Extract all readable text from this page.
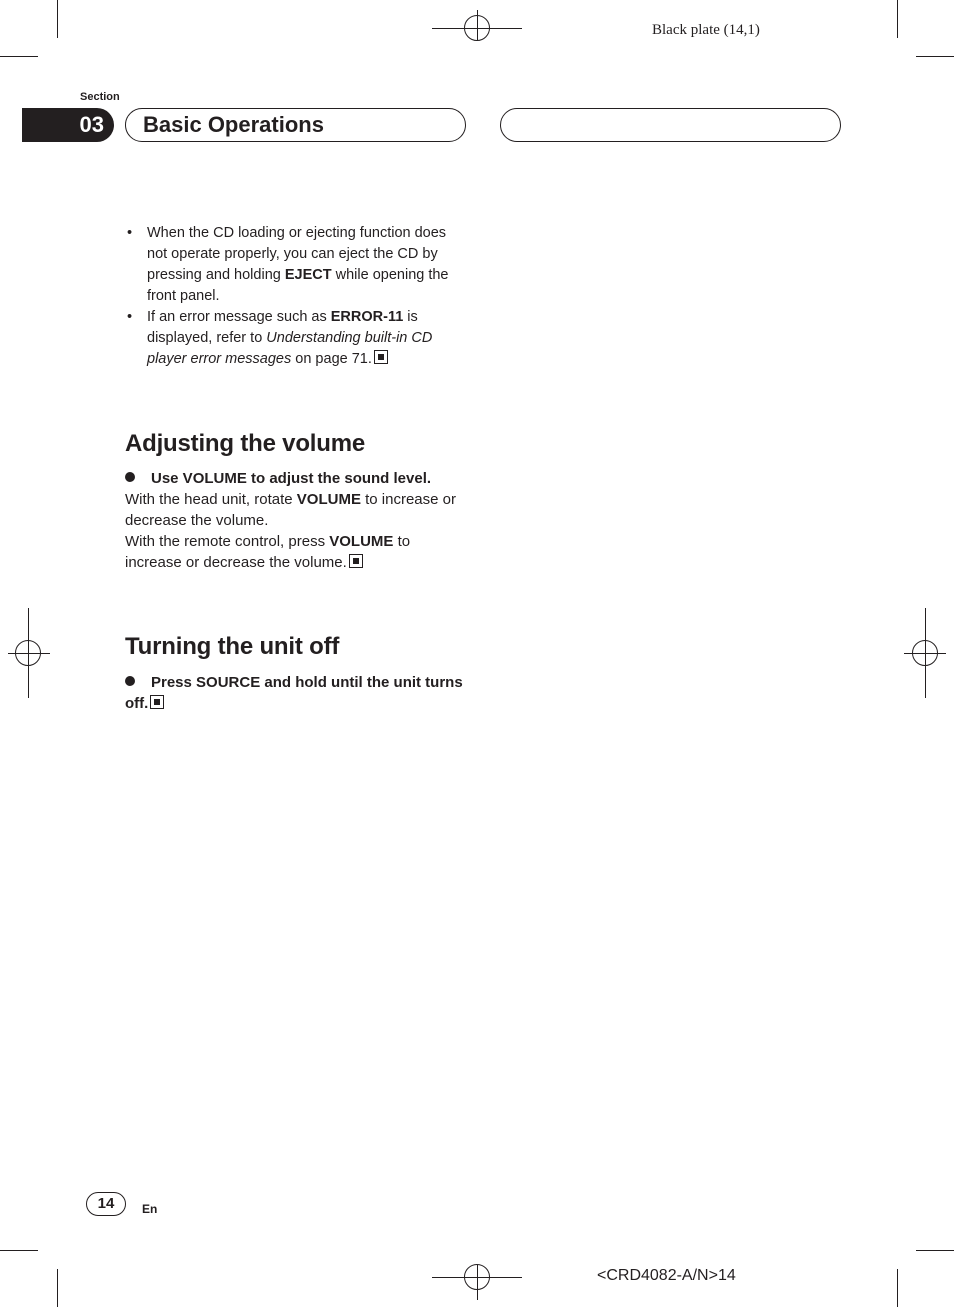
Black plate (14,1)
Section
03	Basic Operations
• When the CD loading or ejecting function does not operate properly, you can eject the CD by pressing and holding EJECT while opening the front panel.
• If an error message such as ERROR-11 is displayed, refer to Understanding built-in CD player error messages on page 71.
Adjusting the volume
Use VOLUME to adjust the sound level.
With the head unit, rotate VOLUME to increase or decrease the volume.
With the remote control, press VOLUME to increase or decrease the volume.
Turning the unit off
Press SOURCE and hold until the unit turns off.
14	En
<CRD4082-A/N>14
